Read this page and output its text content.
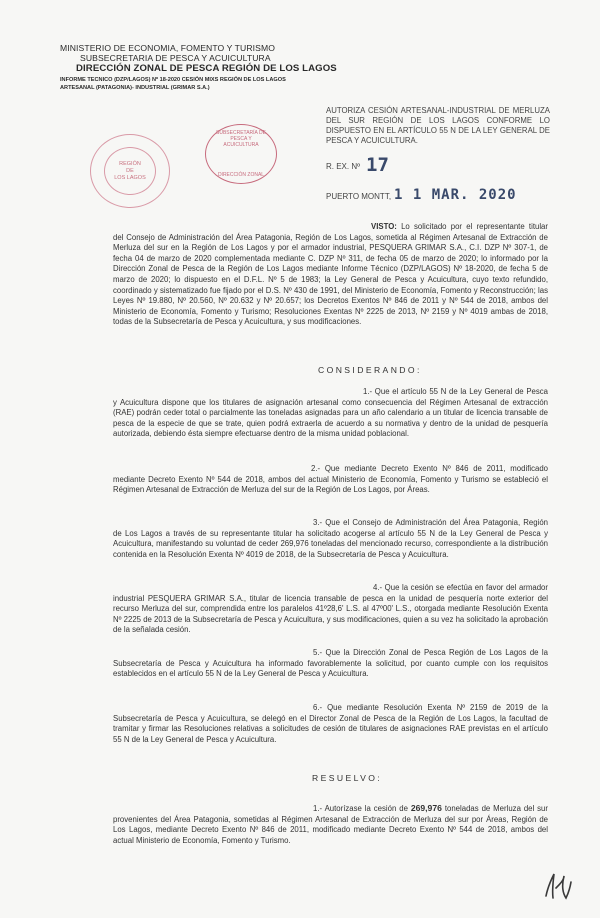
MINISTERIO DE ECONOMIA, FOMENTO Y TURISMO
SUBSECRETARIA DE PESCA Y ACUICULTURA
DIRECCIÓN ZONAL DE PESCA REGIÓN DE LOS LAGOS
INFORME TECNICO (DZP/LAGOS) Nº 18-2020 CESIÓN MIXS REGIÓN DE LOS LAGOS
ARTESANAL (PATAGONIA)- INDUSTRIAL (GRIMAR S.A.)
SUBSECRETARÍA DE PESCA Y ACUICULTURA
DIRECCIÓN ZONAL
REGIÓN
DE
LOS LAGOS
AUTORIZA CESIÓN ARTESANAL-INDUSTRIAL DE MERLUZA DEL SUR REGIÓN DE LOS LAGOS CONFORME LO DISPUESTO EN EL ARTÍCULO 55 N DE LA LEY GENERAL DE PESCA Y ACUICULTURA.
R. EX. Nº 17
PUERTO MONTT, 1 1 MAR. 2020
VISTO: Lo solicitado por el representante titular del Consejo de Administración del Área Patagonia, Región de Los Lagos, sometida al Régimen Artesanal de Extracción de Merluza del sur en la Región de Los Lagos y por el armador industrial, PESQUERA GRIMAR S.A., C.I. DZP Nº 307-1, de fecha 04 de marzo de 2020 complementada mediante C. DZP Nº 311, de fecha 05 de marzo de 2020; lo informado por la Dirección Zonal de Pesca de la Región de Los Lagos mediante Informe Técnico (DZP/LAGOS) Nº 18-2020, de fecha 5 de marzo de 2020; lo dispuesto en el D.F.L. Nº 5 de 1983; la Ley General de Pesca y Acuicultura, cuyo texto refundido, coordinado y sistematizado fue fijado por el D.S. Nº 430 de 1991, del Ministerio de Economía, Fomento y Reconstrucción; las Leyes Nº 19.880, Nº 20.560, Nº 20.632 y Nº 20.657; los Decretos Exentos Nº 846 de 2011 y Nº 544 de 2018, ambos del Ministerio de Economía, Fomento y Turismo; Resoluciones Exentas Nº 2225 de 2013, Nº 2159 y Nº 4019 ambas de 2018, todas de la Subsecretaría de Pesca y Acuicultura, y sus modificaciones.
CONSIDERANDO:
1.- Que el artículo 55 N de la Ley General de Pesca y Acuicultura dispone que los titulares de asignación artesanal como consecuencia del Régimen Artesanal de extracción (RAE) podrán ceder total o parcialmente las toneladas asignadas para un año calendario a un titular de licencia transable de pesca de la especie de que se trate, quien podrá extraerla de acuerdo a su normativa y dentro de la unidad de pesquería autorizada, debiendo ésta siempre efectuarse dentro de la misma unidad poblacional.
2.- Que mediante Decreto Exento Nº 846 de 2011, modificado mediante Decreto Exento Nº 544 de 2018, ambos del actual Ministerio de Economía, Fomento y Turismo se estableció el Régimen Artesanal de Extracción de Merluza del sur de la Región de Los Lagos, por Áreas.
3.- Que el Consejo de Administración del Área Patagonia, Región de Los Lagos a través de su representante titular ha solicitado acogerse al artículo 55 N de la Ley General de Pesca y Acuicultura, manifestando su voluntad de ceder 269,976 toneladas del mencionado recurso, correspondiente a la distribución contenida en la Resolución Exenta Nº 4019 de 2018, de la Subsecretaría de Pesca y Acuicultura.
4.- Que la cesión se efectúa en favor del armador industrial PESQUERA GRIMAR S.A., titular de licencia transable de pesca en la unidad de pesquería norte exterior del recurso Merluza del sur, comprendida entre los paralelos 41º28,6' L.S. al 47º00' L.S., otorgada mediante Resolución Exenta Nº 2225 de 2013 de la Subsecretaría de Pesca y Acuicultura, y sus modificaciones, quien a su vez ha solicitado la aprobación de la señalada cesión.
5.- Que la Dirección Zonal de Pesca Región de Los Lagos de la Subsecretaría de Pesca y Acuicultura ha informado favorablemente la solicitud, por cuanto cumple con los requisitos establecidos en el artículo 55 N de la Ley General de Pesca y Acuicultura.
6.- Que mediante Resolución Exenta Nº 2159 de 2019 de la Subsecretaría de Pesca y Acuicultura, se delegó en el Director Zonal de Pesca de la Región de Los Lagos, la facultad de tramitar y firmar las Resoluciones relativas a solicitudes de cesión de titulares de asignaciones RAE previstas en el artículo 55 N de la Ley General de Pesca y Acuicultura.
RESUELVO:
1.- Autorízase la cesión de 269,976 toneladas de Merluza del sur provenientes del Área Patagonia, sometidas al Régimen Artesanal de Extracción de Merluza del sur por Áreas, Región de Los Lagos, mediante Decreto Exento Nº 846 de 2011, modificado mediante Decreto Exento Nº 544 de 2018, ambos del actual Ministerio de Economía, Fomento y Turismo.
